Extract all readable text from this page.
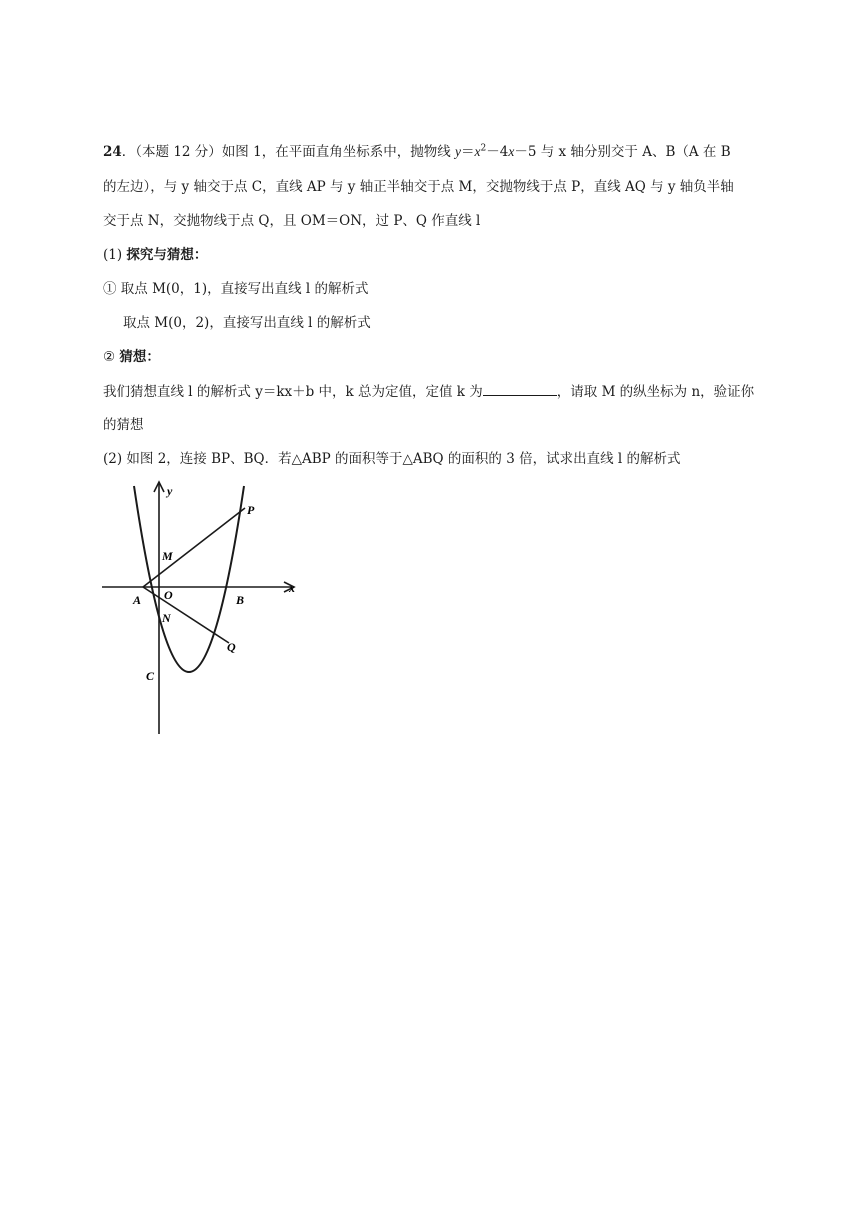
24．（本题 12 分）如图 1，在平面直角坐标系中，抛物线 $y=x^2-4x-5$ 与 x 轴分别交于 A、B（A 在 B
的左边），与 y 轴交于点 C，直线 AP 与 y 轴正半轴交于点 M，交抛物线于点 P，直线 AQ 与 y 轴负半轴
交于点 N，交抛物线于点 Q，且 OM＝ON，过 P、Q 作直线 l
(1) 探究与猜想：
① 取点 M(0，1)，直接写出直线 l 的解析式
取点 M(0，2)，直接写出直线 l 的解析式
② 猜想：
我们猜想直线 l 的解析式 y＝kx＋b 中，k 总为定值，定值 k 为	，请取 M 的纵坐标为 n，验证你
的猜想
(2) 如图 2，连接 BP、BQ．若△ABP 的面积等于△ABQ 的面积的 3 倍，试求出直线 l 的解析式
y
x
P
M
A O	B
N
Q
C
